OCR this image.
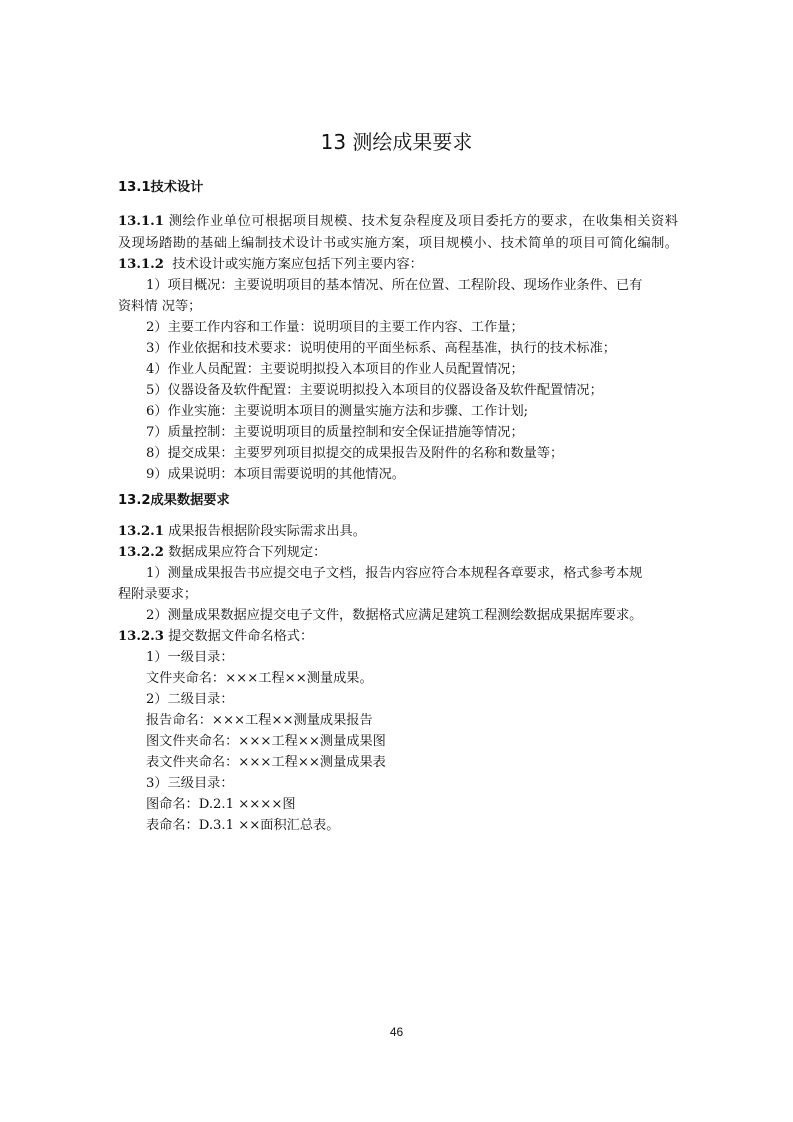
13 测绘成果要求
13.1技术设计
13.1.1 测绘作业单位可根据项目规模、技术复杂程度及项目委托方的要求，在收集相关资料
及现场踏勘的基础上编制技术设计书或实施方案，项目规模小、技术简单的项目可简化编制。
13.1.2 技术设计或实施方案应包括下列主要内容：
1）项目概况：主要说明项目的基本情况、所在位置、工程阶段、现场作业条件、已有
资料情 况等；
2）主要工作内容和工作量：说明项目的主要工作内容、工作量；
3）作业依据和技术要求：说明使用的平面坐标系、高程基准，执行的技术标准；
4）作业人员配置：主要说明拟投入本项目的作业人员配置情况；
5）仪器设备及软件配置：主要说明拟投入本项目的仪器设备及软件配置情况；
6）作业实施：主要说明本项目的测量实施方法和步骤、工作计划;
7）质量控制：主要说明项目的质量控制和安全保证措施等情况；
8）提交成果：主要罗列项目拟提交的成果报告及附件的名称和数量等；
9）成果说明：本项目需要说明的其他情况。
13.2成果数据要求
13.2.1 成果报告根据阶段实际需求出具。
13.2.2 数据成果应符合下列规定：
1）测量成果报告书应提交电子文档，报告内容应符合本规程各章要求，格式参考本规
程附录要求；
2）测量成果数据应提交电子文件，数据格式应满足建筑工程测绘数据成果据库要求。
13.2.3 提交数据文件命名格式：
1）一级目录：
文件夹命名：×××工程××测量成果。
2）二级目录：
报告命名：×××工程××测量成果报告
图文件夹命名：×××工程××测量成果图
表文件夹命名：×××工程××测量成果表
3）三级目录：
图命名：D.2.1 ××××图
表命名：D.3.1 ××面积汇总表。
46
